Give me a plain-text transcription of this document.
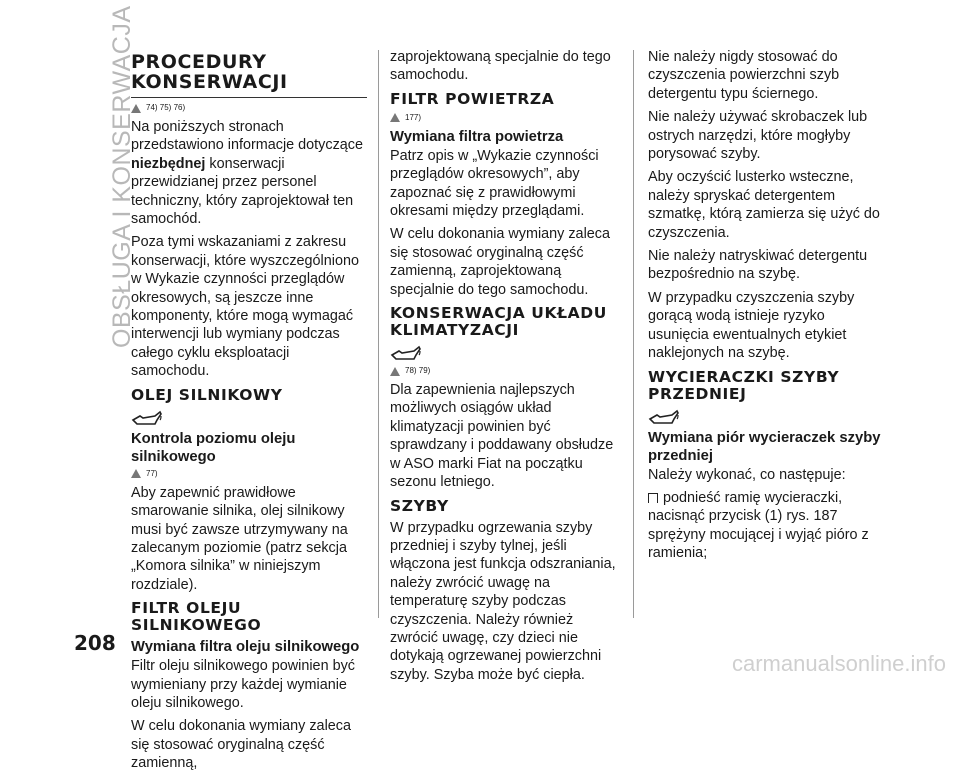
OBSŁUGA I KONSERWACJA
PROCEDURY KONSERWACJI
74) 75) 76)

Na poniższych stronach przedstawiono informacje dotyczące niezbędnej konserwacji przewidzianej przez personel techniczny, który zaprojektował ten samochód.

Poza tymi wskazaniami z zakresu konserwacji, które wyszczególniono w Wykazie czynności przeglądów okresowych, są jeszcze inne komponenty, które mogą wymagać interwencji lub wymiany podczas całego cyklu eksploatacji samochodu.

OLEJ SILNIKOWY
Kontrola poziomu oleju silnikowego
77)

Aby zapewnić prawidłowe smarowanie silnika, olej silnikowy musi być zawsze utrzymywany na zalecanym poziomie (patrz sekcja „Komora silnika” w niniejszym rozdziale).

FILTR OLEJU SILNIKOWEGO
Wymiana filtra oleju silnikowego

Filtr oleju silnikowego powinien być wymieniany przy każdej wymianie oleju silnikowego.

W celu dokonania wymiany zaleca się stosować oryginalną część zamienną,

zaprojektowaną specjalnie do tego samochodu.

FILTR POWIETRZA
177)
Wymiana filtra powietrza

Patrz opis w „Wykazie czynności przeglądów okresowych”, aby zapoznać się z prawidłowymi okresami między przeglądami.

W celu dokonania wymiany zaleca się stosować oryginalną część zamienną, zaprojektowaną specjalnie do tego samochodu.

KONSERWACJA UKŁADU KLIMATYZACJI
78) 79)

Dla zapewnienia najlepszych możliwych osiągów układ klimatyzacji powinien być sprawdzany i poddawany obsłudze w ASO marki Fiat na początku sezonu letniego.

SZYBY

W przypadku ogrzewania szyby przedniej i szyby tylnej, jeśli włączona jest funkcja odszraniania, należy zwrócić uwagę na temperaturę szyby podczas czyszczenia. Należy również zwrócić uwagę, czy dzieci nie dotykają ogrzewanej powierzchni szyby. Szyba może być ciepła.

Nie należy nigdy stosować do czyszczenia powierzchni szyb detergentu typu ściernego.

Nie należy używać skrobaczek lub ostrych narzędzi, które mogłyby porysować szyby.

Aby oczyścić lusterko wsteczne, należy spryskać detergentem szmatkę, którą zamierza się użyć do czyszczenia.

Nie należy natryskiwać detergentu bezpośrednio na szybę.

W przypadku czyszczenia szyby gorącą wodą istnieje ryzyko usunięcia ewentualnych etykiet naklejonych na szybę.

WYCIERACZKI SZYBY PRZEDNIEJ
Wymiana piór wycieraczek szyby przedniej

Należy wykonać, co następuje:

podnieść ramię wycieraczki, nacisnąć przycisk (1) rys. 187 sprężyny mocującej i wyjąć pióro z ramienia;

208
carmanualsonline.info
